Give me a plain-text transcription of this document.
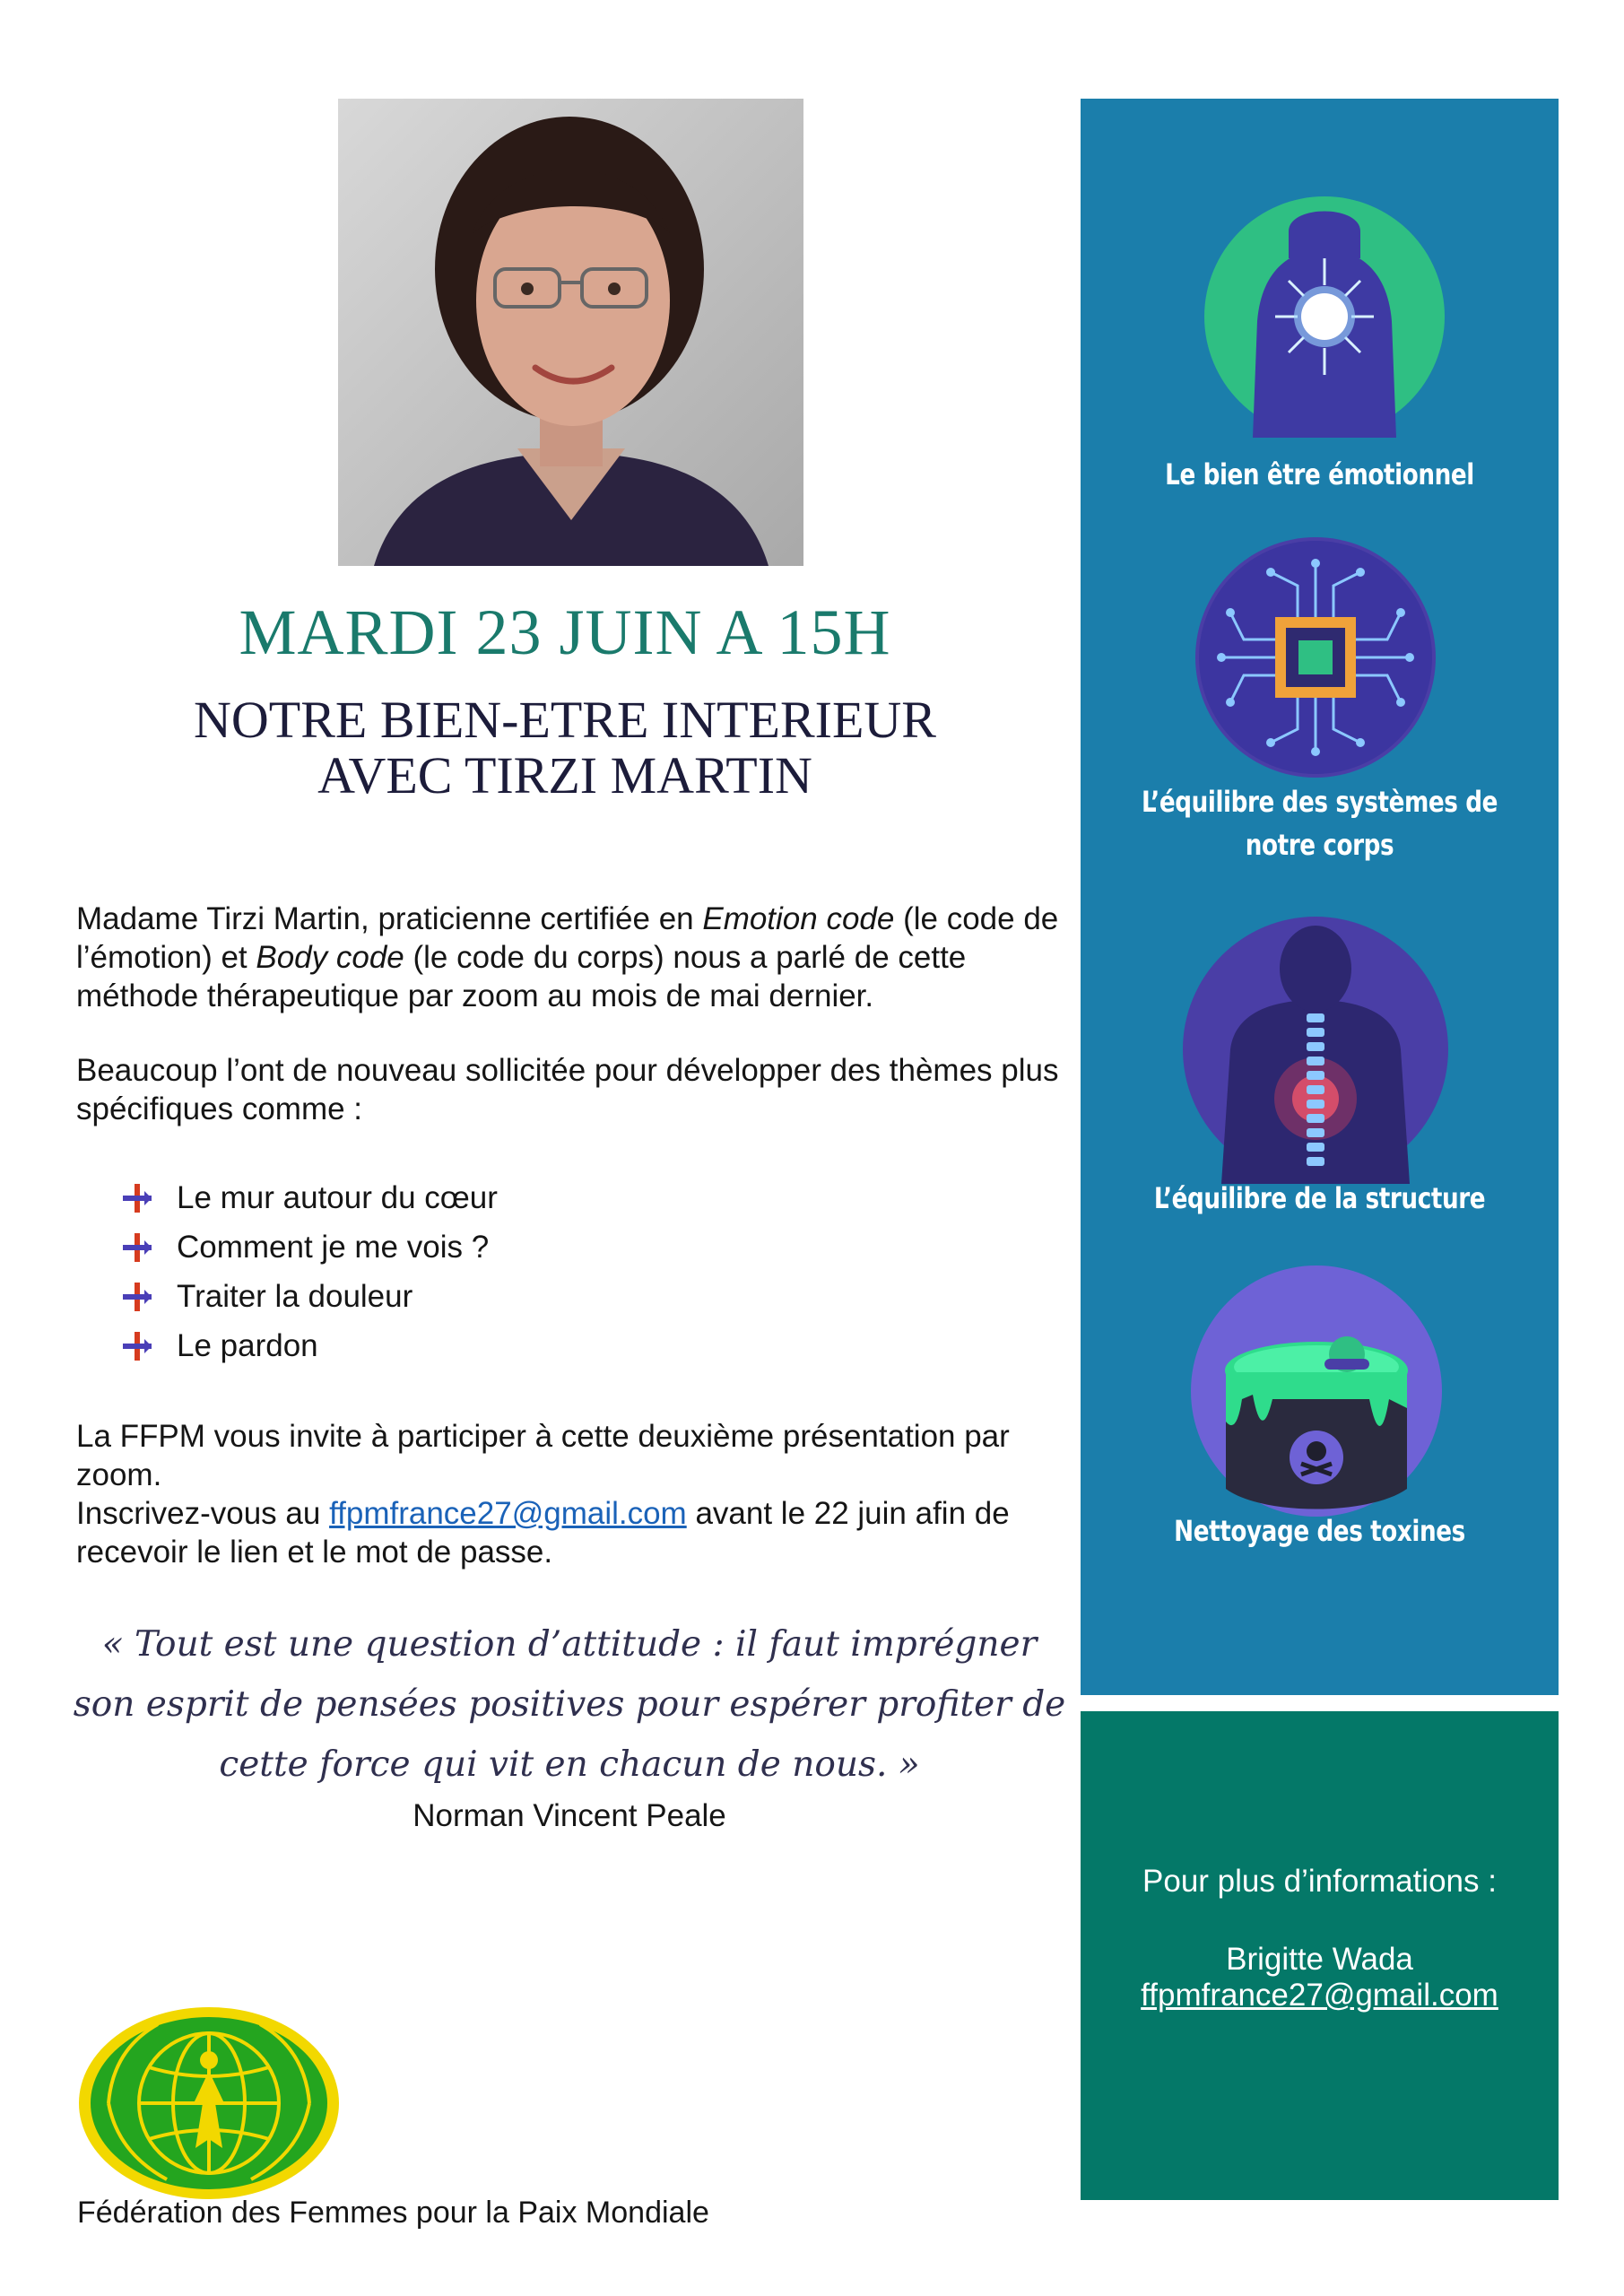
MARDI 23 JUIN A 15H
NOTRE BIEN-ETRE INTERIEUR
AVEC TIRZI MARTIN
Madame Tirzi Martin, praticienne certifiée en Emotion code (le code de l’émotion) et Body code (le code du corps) nous a parlé de cette méthode thérapeutique par zoom au mois de mai dernier.
Beaucoup l’ont de nouveau sollicitée pour développer des thèmes plus spécifiques comme :
Le mur autour du cœur
Comment je me vois ?
Traiter la douleur
Le pardon
La FFPM vous invite à participer à cette deuxième présentation par zoom.
Inscrivez-vous au ffpmfrance27@gmail.com avant le 22 juin afin de recevoir le lien et le mot de passe.
« Tout est une question d’attitude : il faut imprégner
son esprit de pensées positives pour espérer profiter de
cette force qui vit en chacun de nous. »
Norman Vincent Peale
Fédération des Femmes pour la Paix Mondiale
Le bien être émotionnel
L’équilibre des systèmes de
notre corps
L’équilibre de la structure
Nettoyage des toxines
Pour plus d’informations :
Brigitte Wada
ffpmfrance27@gmail.com
